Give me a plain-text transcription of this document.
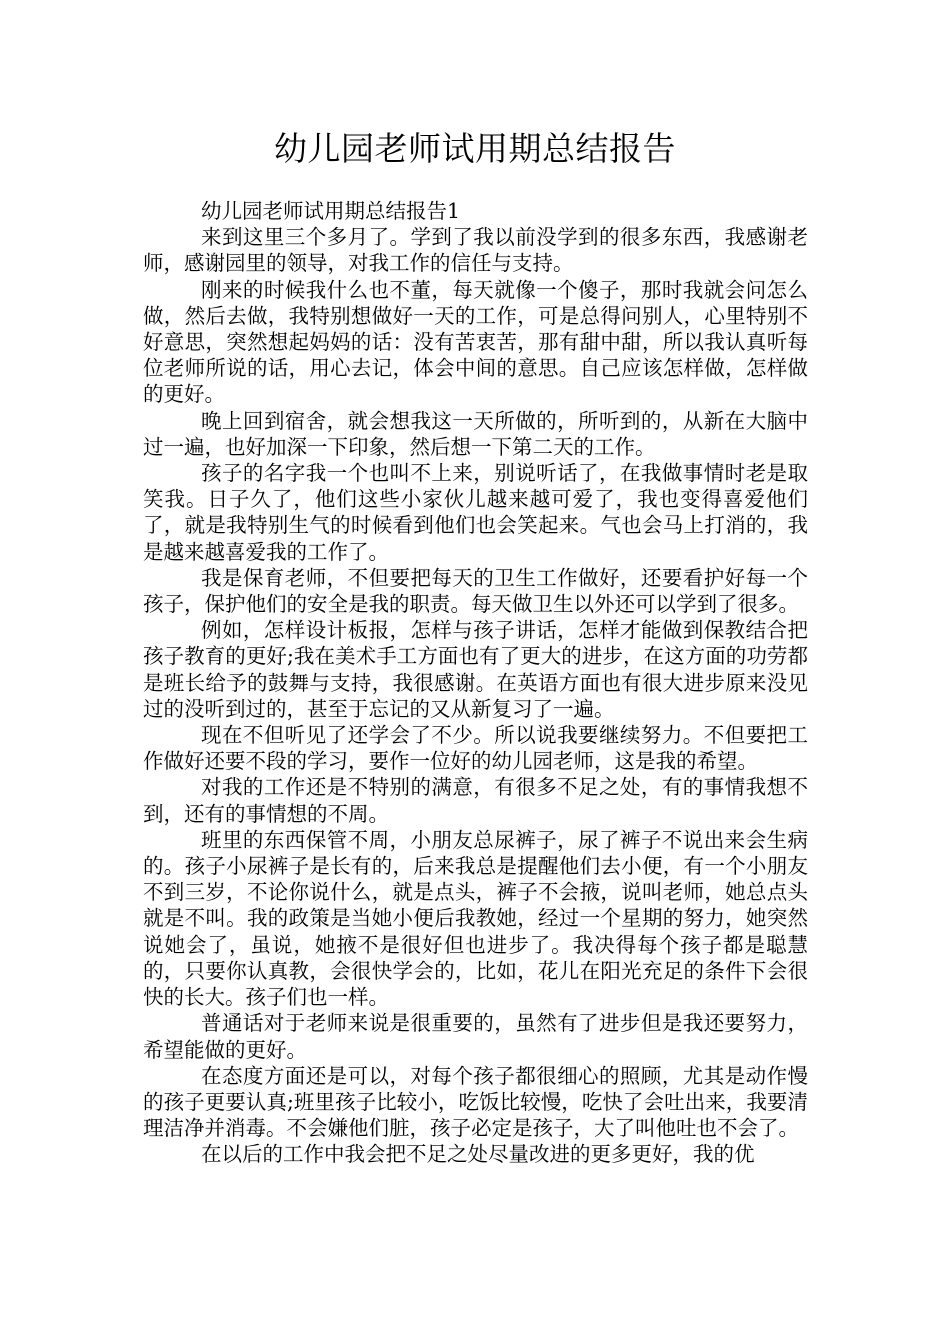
幼儿园老师试用期总结报告

幼儿园老师试用期总结报告1

来到这里三个多月了。学到了我以前没学到的很多东西，我感谢老师，感谢园里的领导，对我工作的信任与支持。

刚来的时候我什么也不董，每天就像一个傻子，那时我就会问怎么做，然后去做，我特别想做好一天的工作，可是总得问别人，心里特别不好意思，突然想起妈妈的话：没有苦衷苦，那有甜中甜，所以我认真听每位老师所说的话，用心去记，体会中间的意思。自己应该怎样做，怎样做的更好。

晚上回到宿舍，就会想我这一天所做的，所听到的，从新在大脑中过一遍，也好加深一下印象，然后想一下第二天的工作。

孩子的名字我一个也叫不上来，别说听话了，在我做事情时老是取笑我。日子久了，他们这些小家伙儿越来越可爱了，我也变得喜爱他们了，就是我特别生气的时候看到他们也会笑起来。气也会马上打消的，我是越来越喜爱我的工作了。

我是保育老师，不但要把每天的卫生工作做好，还要看护好每一个孩子，保护他们的安全是我的职责。每天做卫生以外还可以学到了很多。

例如，怎样设计板报，怎样与孩子讲话，怎样才能做到保教结合把孩子教育的更好;我在美术手工方面也有了更大的进步，在这方面的功劳都是班长给予的鼓舞与支持，我很感谢。在英语方面也有很大进步原来没见过的没听到过的，甚至于忘记的又从新复习了一遍。

现在不但听见了还学会了不少。所以说我要继续努力。不但要把工作做好还要不段的学习，要作一位好的幼儿园老师，这是我的希望。

对我的工作还是不特别的满意，有很多不足之处，有的事情我想不到，还有的事情想的不周。

班里的东西保管不周，小朋友总尿裤子，尿了裤子不说出来会生病的。孩子小尿裤子是长有的，后来我总是提醒他们去小便，有一个小朋友不到三岁，不论你说什么，就是点头，裤子不会掖，说叫老师，她总点头就是不叫。我的政策是当她小便后我教她，经过一个星期的努力，她突然说她会了，虽说，她掖不是很好但也进步了。我决得每个孩子都是聪慧的，只要你认真教，会很快学会的，比如，花儿在阳光充足的条件下会很快的长大。孩子们也一样。

普通话对于老师来说是很重要的，虽然有了进步但是我还要努力，希望能做的更好。

在态度方面还是可以，对每个孩子都很细心的照顾，尤其是动作慢的孩子更要认真;班里孩子比较小，吃饭比较慢，吃快了会吐出来，我要清理洁净并消毒。不会嫌他们脏，孩子必定是孩子，大了叫他吐也不会了。

在以后的工作中我会把不足之处尽量改进的更多更好，我的优
